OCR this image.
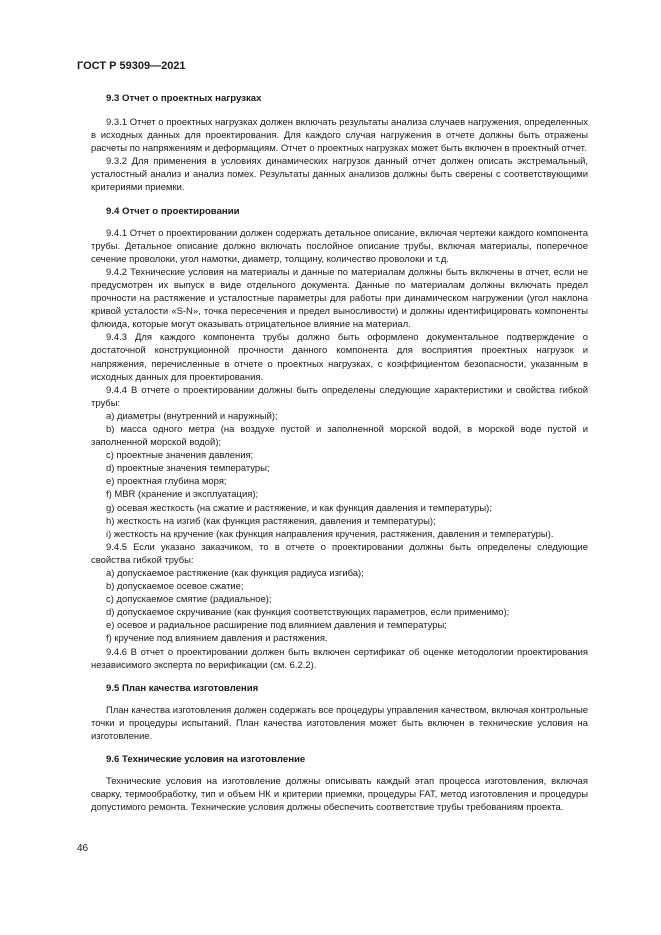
ГОСТ Р 59309—2021
9.3 Отчет о проектных нагрузках

9.3.1 Отчет о проектных нагрузках должен включать результаты анализа случаев нагружения, определенных в исходных данных для проектирования. Для каждого случая нагружения в отчете должны быть отражены расчеты по напряжениям и деформациям. Отчет о проектных нагрузках может быть включен в проектный отчет.

9.3.2 Для применения в условиях динамических нагрузок данный отчет должен описать экстремальный, усталостный анализ и анализ помех. Результаты данных анализов должны быть сверены с соответствующими критериями приемки.

9.4 Отчет о проектировании

9.4.1 Отчет о проектировании должен содержать детальное описание, включая чертежи каждого компонента трубы. Детальное описание должно включать послойное описание трубы, включая материалы, поперечное сечение проволоки, угол намотки, диаметр, толщину, количество проволоки и т.д.

9.4.2 Технические условия на материалы и данные по материалам должны быть включены в отчет, если не предусмотрен их выпуск в виде отдельного документа. Данные по материалам должны включать предел прочности на растяжение и усталостные параметры для работы при динамическом нагружении (угол наклона кривой усталости «S-N», точка пересечения и предел выносливости) и должны идентифицировать компоненты флюида, которые могут оказывать отрицательное влияние на материал.

9.4.3 Для каждого компонента трубы должно быть оформлено документальное подтверждение о достаточной конструкционной прочности данного компонента для восприятия проектных нагрузок и напряжения, перечисленные в отчете о проектных нагрузках, с коэффициентом безопасности, указанным в исходных данных для проектирования.

9.4.4 В отчете о проектировании должны быть определены следующие характеристики и свойства гибкой трубы:

a) диаметры (внутренний и наружный);

b) масса одного метра (на воздухе пустой и заполненной морской водой, в морской воде пустой и заполненной морской водой);

c) проектные значения давления;

d) проектные значения температуры;

e) проектная глубина моря;

f) MBR (хранение и эксплуатация);

g) осевая жесткость (на сжатие и растяжение, и как функция давления и температуры);

h) жесткость на изгиб (как функция растяжения, давления и температуры);

i) жесткость на кручение (как функция направления кручения, растяжения, давления и температуры).

9.4.5 Если указано заказчиком, то в отчете о проектировании должны быть определены следующие свойства гибкой трубы:

a) допускаемое растяжение (как функция радиуса изгиба);

b) допускаемое осевое сжатие;

c) допускаемое смятие (радиальное);

d) допускаемое скручивание (как функция соответствующих параметров, если применимо);

e) осевое и радиальное расширение под влиянием давления и температуры;

f) кручение под влиянием давления и растяжения.

9.4.6 В отчет о проектировании должен быть включен сертификат об оценке методологии проектирования независимого эксперта по верификации (см. 6.2.2).

9.5 План качества изготовления

План качества изготовления должен содержать все процедуры управления качеством, включая контрольные точки и процедуры испытаний. План качества изготовления может быть включен в технические условия на изготовление.

9.6 Технические условия на изготовление

Технические условия на изготовление должны описывать каждый этап процесса изготовления, включая сварку, термообработку, тип и объем НК и критерии приемки, процедуры FAT, метод изготовления и процедуры допустимого ремонта. Технические условия должны обеспечить соответствие трубы требованиям проекта.

46
